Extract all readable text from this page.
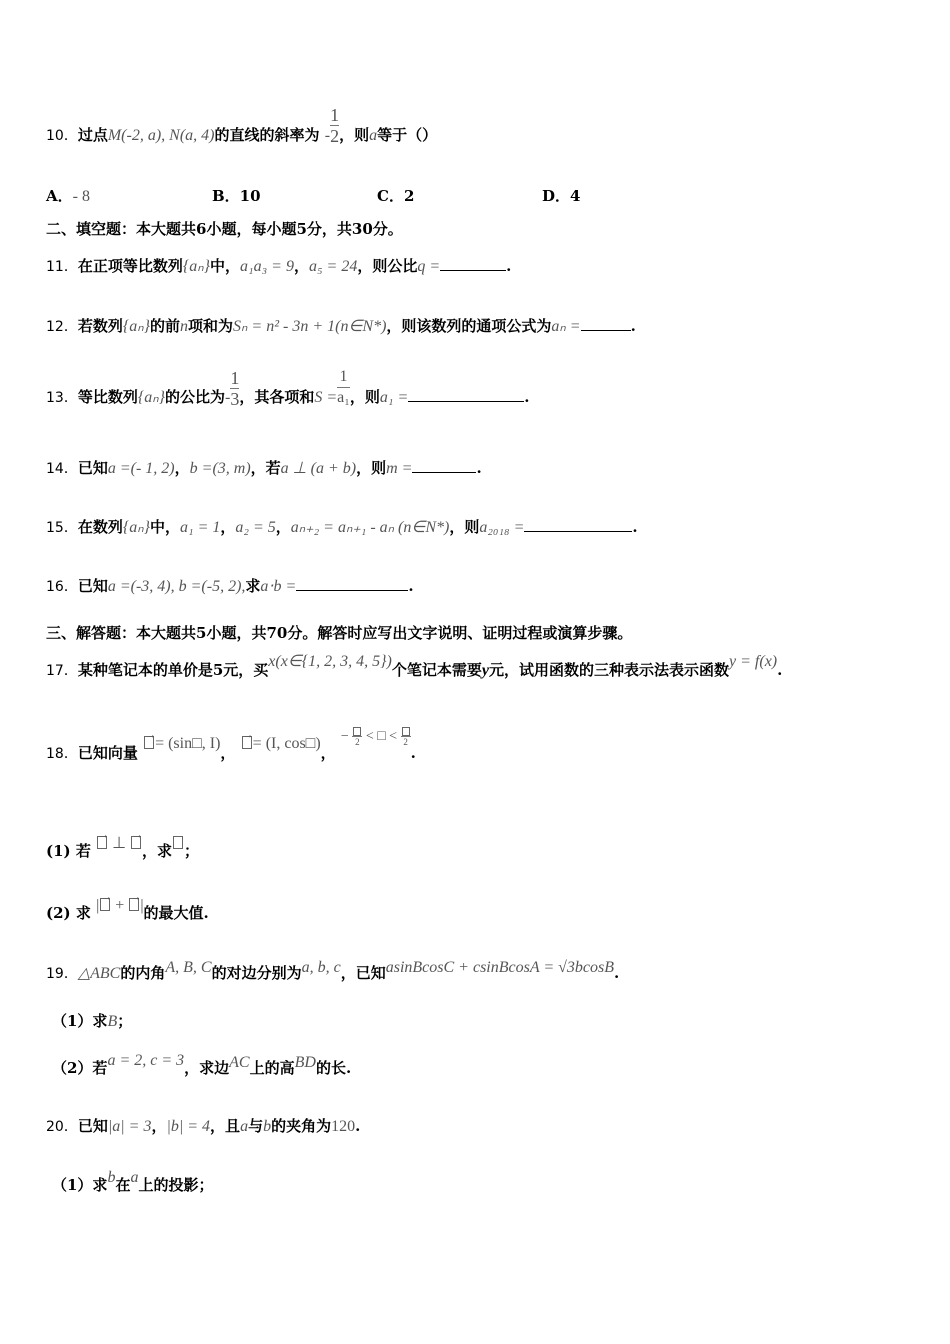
10．过点M(-2, a), N(a, 4)的直线的斜率为 - $\frac{1}{2}$ ，则a等于（）
A．- 8	B．10	C．2	D．4
二、填空题：本大题共6小题，每小题5分，共30分。
11．在正项等比数列{aₙ}中，a₁a₃ = 9，a₅ = 24，则公比q =	.
12．若数列{aₙ}的前n项和为Sₙ = n² - 3n + 1(n∈N*)，则该数列的通项公式为aₙ =	.
13．等比数列{aₙ}的公比为- $\frac{1}{3}$ ，其各项和$S = \frac{1}{\text{a₁}}$ ，则a₁ =	.
14．已知a =(- 1, 2)，b =(3, m)，若a ⊥ (a + b)，则m =	.
15．在数列{aₙ}中，a₁ = 1，a₂ = 5，aₙ₊₂ = aₙ₊₁ - aₙ (n∈N*)，则a₂₀₁₈ =	.
16．已知a =(-3, 4), b =(-5, 2),求a⋅b =	.
三、解答题：本大题共5小题，共70分。解答时应写出文字说明、证明过程或演算步骤。
17．某种笔记本的单价是5元，买x(x∈{1, 2, 3, 4, 5})个笔记本需要y元，试用函数的三种表示法表示函数y = f(x).
18．已知向量 →= (sin□, I)， →= (I, cos□)， − 2 < □ < 2
.
(1) 若 → ⊥ →，求 ；
(2) 求 |→ + →|的最大值.
19．△ABC的内角A, B, C的对边分别为a, b, c，已知asinBcosC + csinBcosA = √3bcosB.
（1）求B；
（2）若a = 2, c = 3，求边AC上的高BD的长.
20．已知|a| = 3，|b| = 4，且a与b的夹角为120.
（1）求b在a上的投影；
